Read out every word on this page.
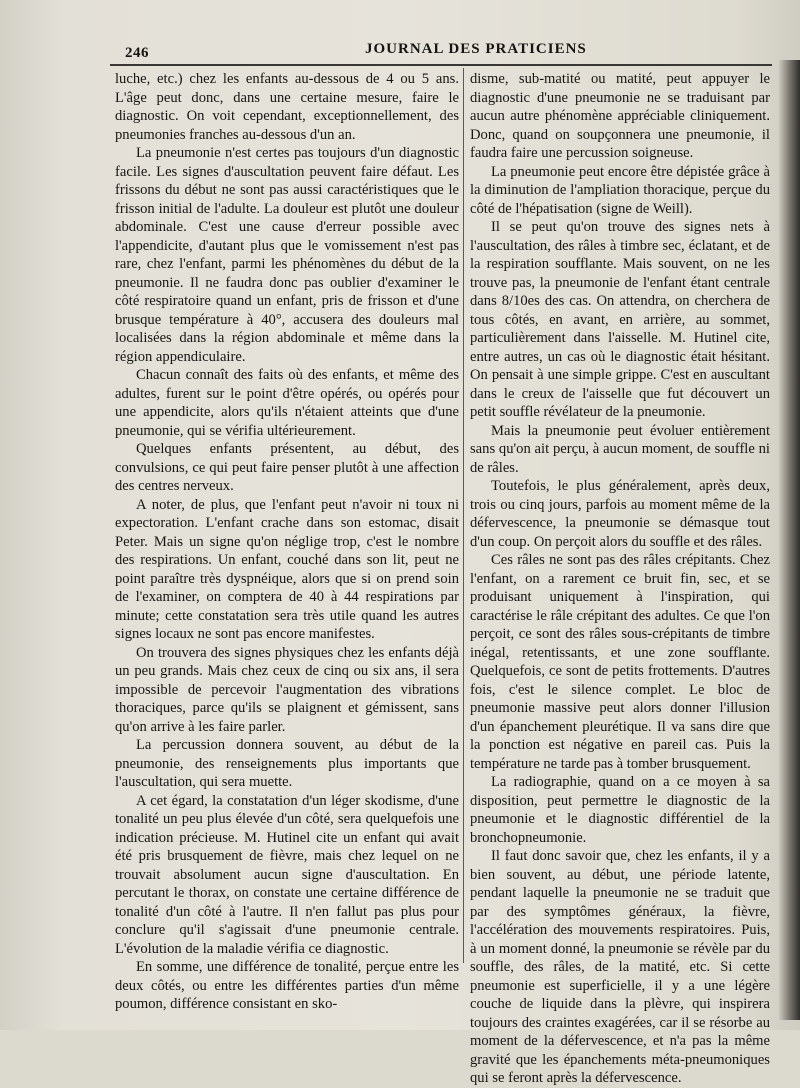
246	JOURNAL DES PRATICIENS

luche, etc.) chez les enfants au-dessous de 4 ou 5 ans. L'âge peut donc, dans une certaine mesure, faire le diagnostic. On voit cependant, exceptionnellement, des pneumonies franches au-dessous d'un an.

La pneumonie n'est certes pas toujours d'un diagnostic facile. Les signes d'auscultation peuvent faire défaut. Les frissons du début ne sont pas aussi caractéristiques que le frisson initial de l'adulte. La douleur est plutôt une douleur abdominale. C'est une cause d'erreur possible avec l'appendicite, d'autant plus que le vomissement n'est pas rare, chez l'enfant, parmi les phénomènes du début de la pneumonie. Il ne faudra donc pas oublier d'examiner le côté respiratoire quand un enfant, pris de frisson et d'une brusque température à 40°, accusera des douleurs mal localisées dans la région abdominale et même dans la région appendiculaire.

Chacun connaît des faits où des enfants, et même des adultes, furent sur le point d'être opérés, ou opérés pour une appendicite, alors qu'ils n'étaient atteints que d'une pneumonie, qui se vérifia ultérieurement.

Quelques enfants présentent, au début, des convulsions, ce qui peut faire penser plutôt à une affection des centres nerveux.

A noter, de plus, que l'enfant peut n'avoir ni toux ni expectoration. L'enfant crache dans son estomac, disait Peter. Mais un signe qu'on néglige trop, c'est le nombre des respirations. Un enfant, couché dans son lit, peut ne point paraître très dyspnéique, alors que si on prend soin de l'examiner, on comptera de 40 à 44 respirations par minute; cette constatation sera très utile quand les autres signes locaux ne sont pas encore manifestes.

On trouvera des signes physiques chez les enfants déjà un peu grands. Mais chez ceux de cinq ou six ans, il sera impossible de percevoir l'augmentation des vibrations thoraciques, parce qu'ils se plaignent et gémissent, sans qu'on arrive à les faire parler.

La percussion donnera souvent, au début de la pneumonie, des renseignements plus importants que l'auscultation, qui sera muette.

A cet égard, la constatation d'un léger skodisme, d'une tonalité un peu plus élevée d'un côté, sera quelquefois une indication précieuse. M. Hutinel cite un enfant qui avait été pris brusquement de fièvre, mais chez lequel on ne trouvait absolument aucun signe d'auscultation. En percutant le thorax, on constate une certaine différence de tonalité d'un côté à l'autre. Il n'en fallut pas plus pour conclure qu'il s'agissait d'une pneumonie centrale. L'évolution de la maladie vérifia ce diagnostic.

En somme, une différence de tonalité, perçue entre les deux côtés, ou entre les différentes parties d'un même poumon, différence consistant en sko-

disme, sub-matité ou matité, peut appuyer le diagnostic d'une pneumonie ne se traduisant par aucun autre phénomène appréciable cliniquement. Donc, quand on soupçonnera une pneumonie, il faudra faire une percussion soigneuse.

La pneumonie peut encore être dépistée grâce à la diminution de l'ampliation thoracique, perçue du côté de l'hépatisation (signe de Weill).

Il se peut qu'on trouve des signes nets à l'auscultation, des râles à timbre sec, éclatant, et de la respiration soufflante. Mais souvent, on ne les trouve pas, la pneumonie de l'enfant étant centrale dans 8/10es des cas. On attendra, on cherchera de tous côtés, en avant, en arrière, au sommet, particulièrement dans l'aisselle. M. Hutinel cite, entre autres, un cas où le diagnostic était hésitant. On pensait à une simple grippe. C'est en auscultant dans le creux de l'aisselle que fut découvert un petit souffle révélateur de la pneumonie.

Mais la pneumonie peut évoluer entièrement sans qu'on ait perçu, à aucun moment, de souffle ni de râles.

Toutefois, le plus généralement, après deux, trois ou cinq jours, parfois au moment même de la défervescence, la pneumonie se démasque tout d'un coup. On perçoit alors du souffle et des râles.

Ces râles ne sont pas des râles crépitants. Chez l'enfant, on a rarement ce bruit fin, sec, et se produisant uniquement à l'inspiration, qui caractérise le râle crépitant des adultes. Ce que l'on perçoit, ce sont des râles sous-crépitants de timbre inégal, retentissants, et une zone soufflante. Quelquefois, ce sont de petits frottements. D'autres fois, c'est le silence complet. Le bloc de pneumonie massive peut alors donner l'illusion d'un épanchement pleurétique. Il va sans dire que la ponction est négative en pareil cas. Puis la température ne tarde pas à tomber brusquement.

La radiographie, quand on a ce moyen à sa disposition, peut permettre le diagnostic de la pneumonie et le diagnostic différentiel de la bronchopneumonie.

Il faut donc savoir que, chez les enfants, il y a bien souvent, au début, une période latente, pendant laquelle la pneumonie ne se traduit que par des symptômes généraux, la fièvre, l'accélération des mouvements respiratoires. Puis, à un moment donné, la pneumonie se révèle par du souffle, des râles, de la matité, etc. Si cette pneumonie est superficielle, il y a une légère couche de liquide dans la plèvre, qui inspirera toujours des craintes exagérées, car il se résorbe au moment de la défervescence, et n'a pas la même gravité que les épanchements méta-pneumoniques qui se feront après la défervescence.
